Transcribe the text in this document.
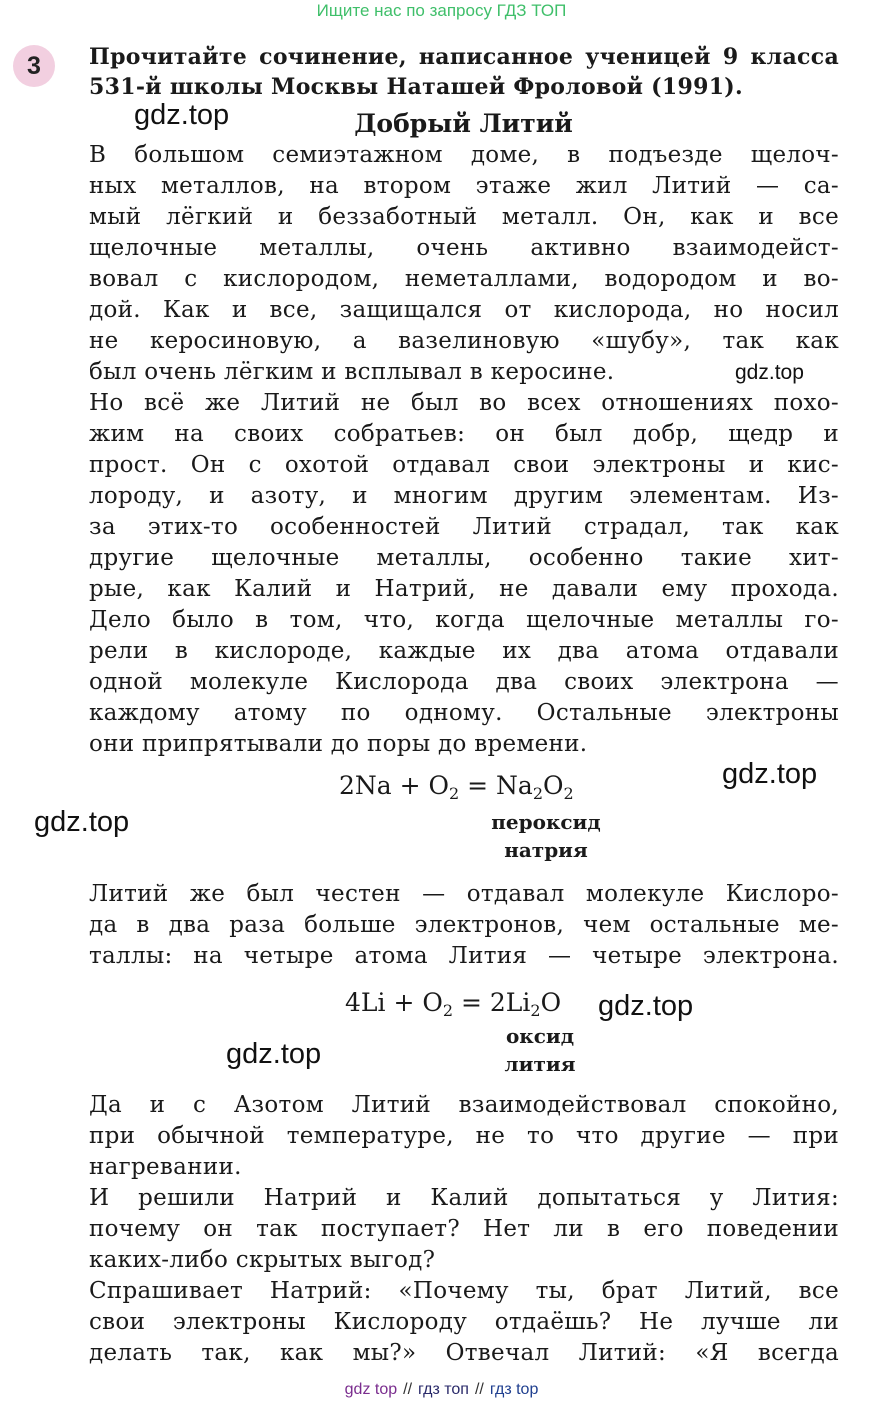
Ищите нас по запросу ГДЗ ТОП
3	Прочитайте сочинение, написанное ученицей 9 класса
531-й школы Москвы Наташей Фроловой (1991).
gdz.top	Добрый Литий
В большом семиэтажном доме, в подъезде щелоч-
ных металлов, на втором этаже жил Литий — са-
мый лёгкий и беззаботный металл. Он, как и все
щелочные металлы, очень активно взаимодейст-
вовал с кислородом, неметаллами, водородом и во-
дой. Как и все, защищался от кислорода, но носил
не керосиновую, а вазелиновую «шубу», так как
был очень лёгким и всплывал в керосине.	gdz.top
Но всё же Литий не был во всех отношениях похо-
жим на своих собратьев: он был добр, щедр и
прост. Он с охотой отдавал свои электроны и кис-
лороду, и азоту, и многим другим элементам. Из-
за этих-то особенностей Литий страдал, так как
другие щелочные металлы, особенно такие хит-
рые, как Калий и Натрий, не давали ему прохода.
Дело было в том, что, когда щелочные металлы го-
рели в кислороде, каждые их два атома отдавали
одной молекуле Кислорода два своих электрона —
каждому атому по одному. Остальные электроны
они припрятывали до поры до времени.
$2Na + O_2 = Na_2O_2$
gdz.top
gdz.top	пероксид
натрия
Литий же был честен — отдавал молекуле Кислоро-
да в два раза больше электронов, чем остальные ме-
таллы: на четыре атома Лития — четыре электрона.
$4Li + O_2 = 2Li_2O$ gdz.top
gdz.top
оксид
лития
Да и с Азотом Литий взаимодействовал спокойно,
при обычной температуре, не то что другие — при
нагревании.
И решили Натрий и Калий допытаться у Лития:
почему он так поступает? Нет ли в его поведении
каких-либо скрытых выгод?
Спрашивает Натрий: «Почему ты, брат Литий, все
свои электроны Кислороду отдаёшь? Не лучше ли
делать так, как мы?» Отвечал Литий: «Я всегда
gdz top // гдз топ // гдз top
